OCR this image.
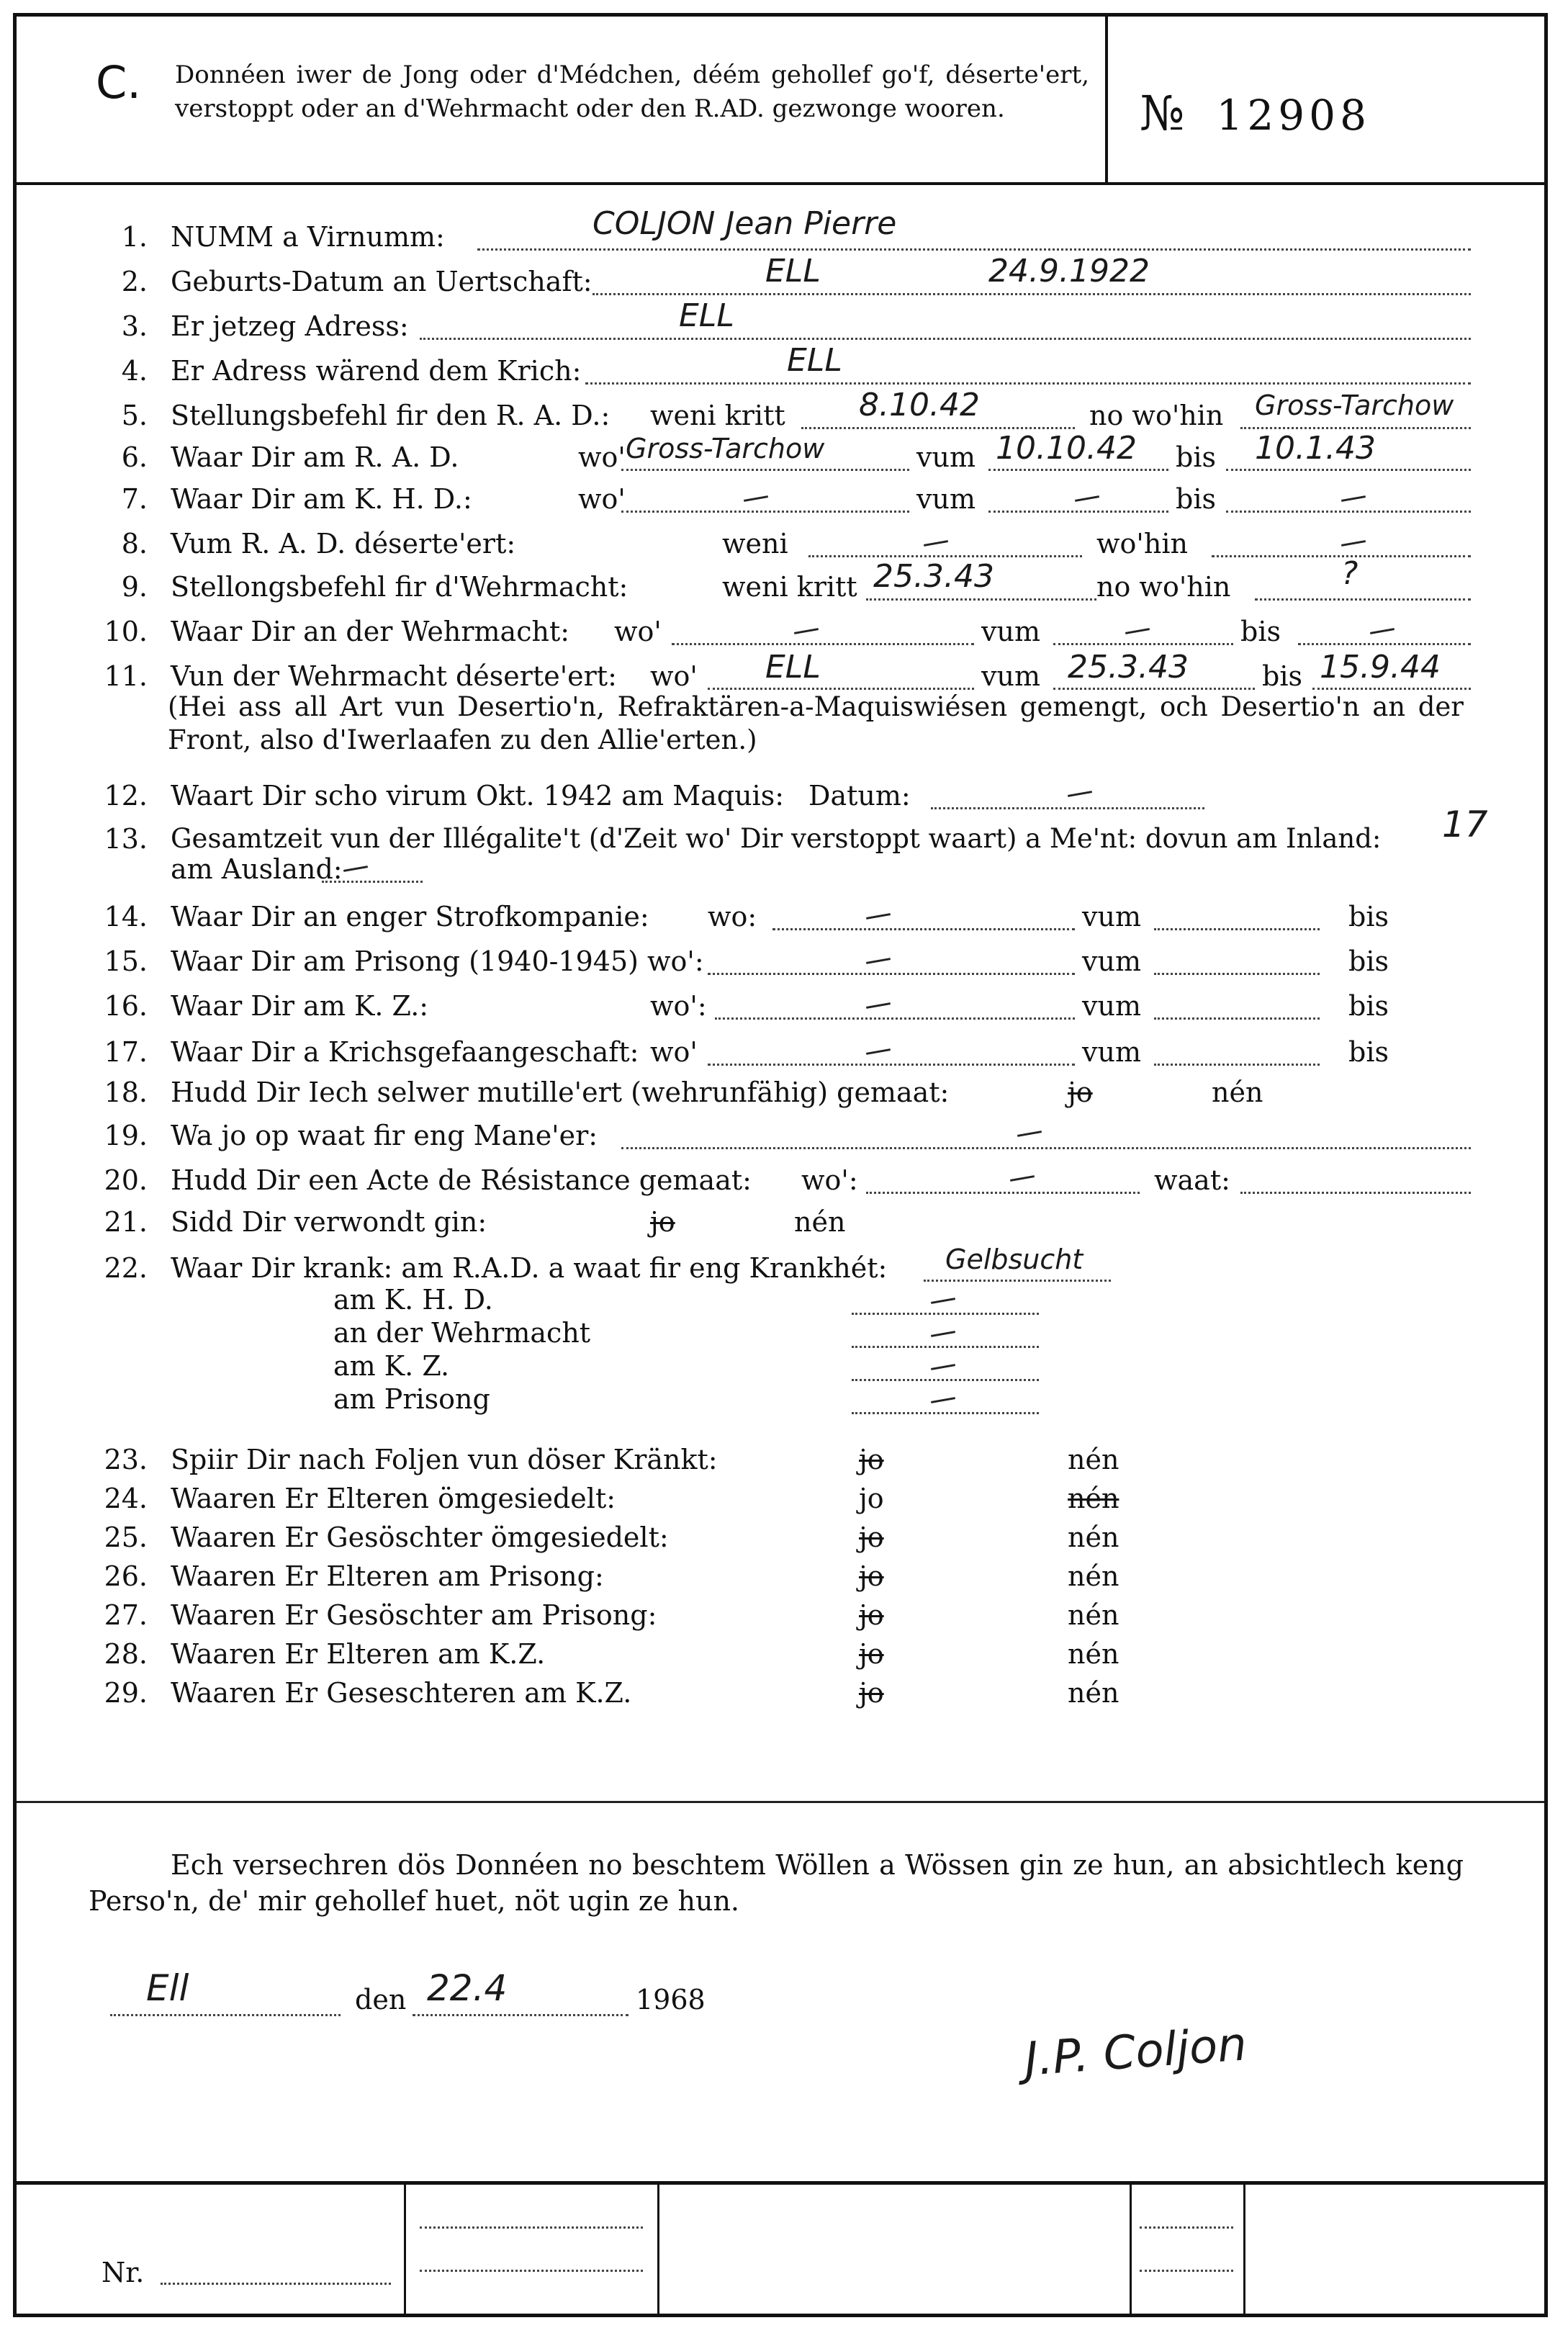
C. Donnéen iwer de Jong oder d'Médchen, déém gehollef go'f, déserte'ert, verstoppt oder an d'Wehrmacht oder den R.AD. gezwonge wooren.	№ 12908
1. NUMM a Virnumm:	COLJON Jean Pierre
2. Geburts-Datum an Uertschaft:	ELL	24.9.1922
3. Er jetzeg Adress:	ELL
4. Er Adress wärend dem Krich:	ELL
5. Stellungsbefehl fir den R. A. D.: weni kritt 8.10.42	no wo'hin Gross-Tarchow
6. Waar Dir am R. A. D.	wo' Gross-Tarchow	vum 10.10.42 bis 10.1.43
7. Waar Dir am K. H. D.:	wo'	vum	bis
8. Vum R. A. D. déserte'ert:	weni	wo'hin
9. Stellongsbefehl fir d'Wehrmacht:	weni kritt 25.3.43	no wo'hin	?
10. Waar Dir an der Wehrmacht: wo'	vum	bis
11. Vun der Wehrmacht déserte'ert: wo' ELL	vum 25.3.43	bis 15.9.44
(Hei ass all Art vun Desertio'n, Refraktären-a-Maquiswiésen gemengt, och Desertio'n an der Front, also d'Iwerlaafen zu den Allie'erten.)
12. Waart Dir scho virum Okt. 1942 am Maquis: Datum:
13. Gesamtzeit vun der Illégalite't (d'Zeit wo' Dir verstoppt waart) a Me'nt: dovun am Inland: 17
am Ausland:
14. Waar Dir an enger Strofkompanie: wo:	vum	bis
15. Waar Dir am Prisong (1940-1945) wo':	vum	bis
16. Waar Dir am K. Z.:	wo':	vum	bis
17. Waar Dir a Krichsgefaangeschaft: wo'	vum	bis
18. Hudd Dir Iech selwer mutille'ert (wehrunfähig) gemaat:	jo	nén
19. Wa jo op waat fir eng Mane'er:
20. Hudd Dir een Acte de Résistance gemaat: wo':	waat:
21. Sidd Dir verwondt gin:	jo	nén
22. Waar Dir krank: am R.A.D. a waat fir eng Krankhét: Gelbsucht
am K. H. D.
an der Wehrmacht
am K. Z.
am Prisong
23. Spiir Dir nach Foljen vun döser Kränkt:	jo	nén
24. Waaren Er Elteren ömgesiedelt:	jo	nén
25. Waaren Er Gesöschter ömgesiedelt:	jo	nén
26. Waaren Er Elteren am Prisong:	jo	nén
27. Waaren Er Gesöschter am Prisong:	jo	nén
28. Waaren Er Elteren am K.Z.	jo	nén
29. Waaren Er Geseschteren am K.Z.	jo	nén
Ech versechren dös Donnéen no beschtem Wöllen a Wössen gin ze hun, an absichtlech keng Perso'n, de' mir gehollef huet, nöt ugin ze hun.
Ell	den 22.4	1968
J.P. Coljon
Nr.
